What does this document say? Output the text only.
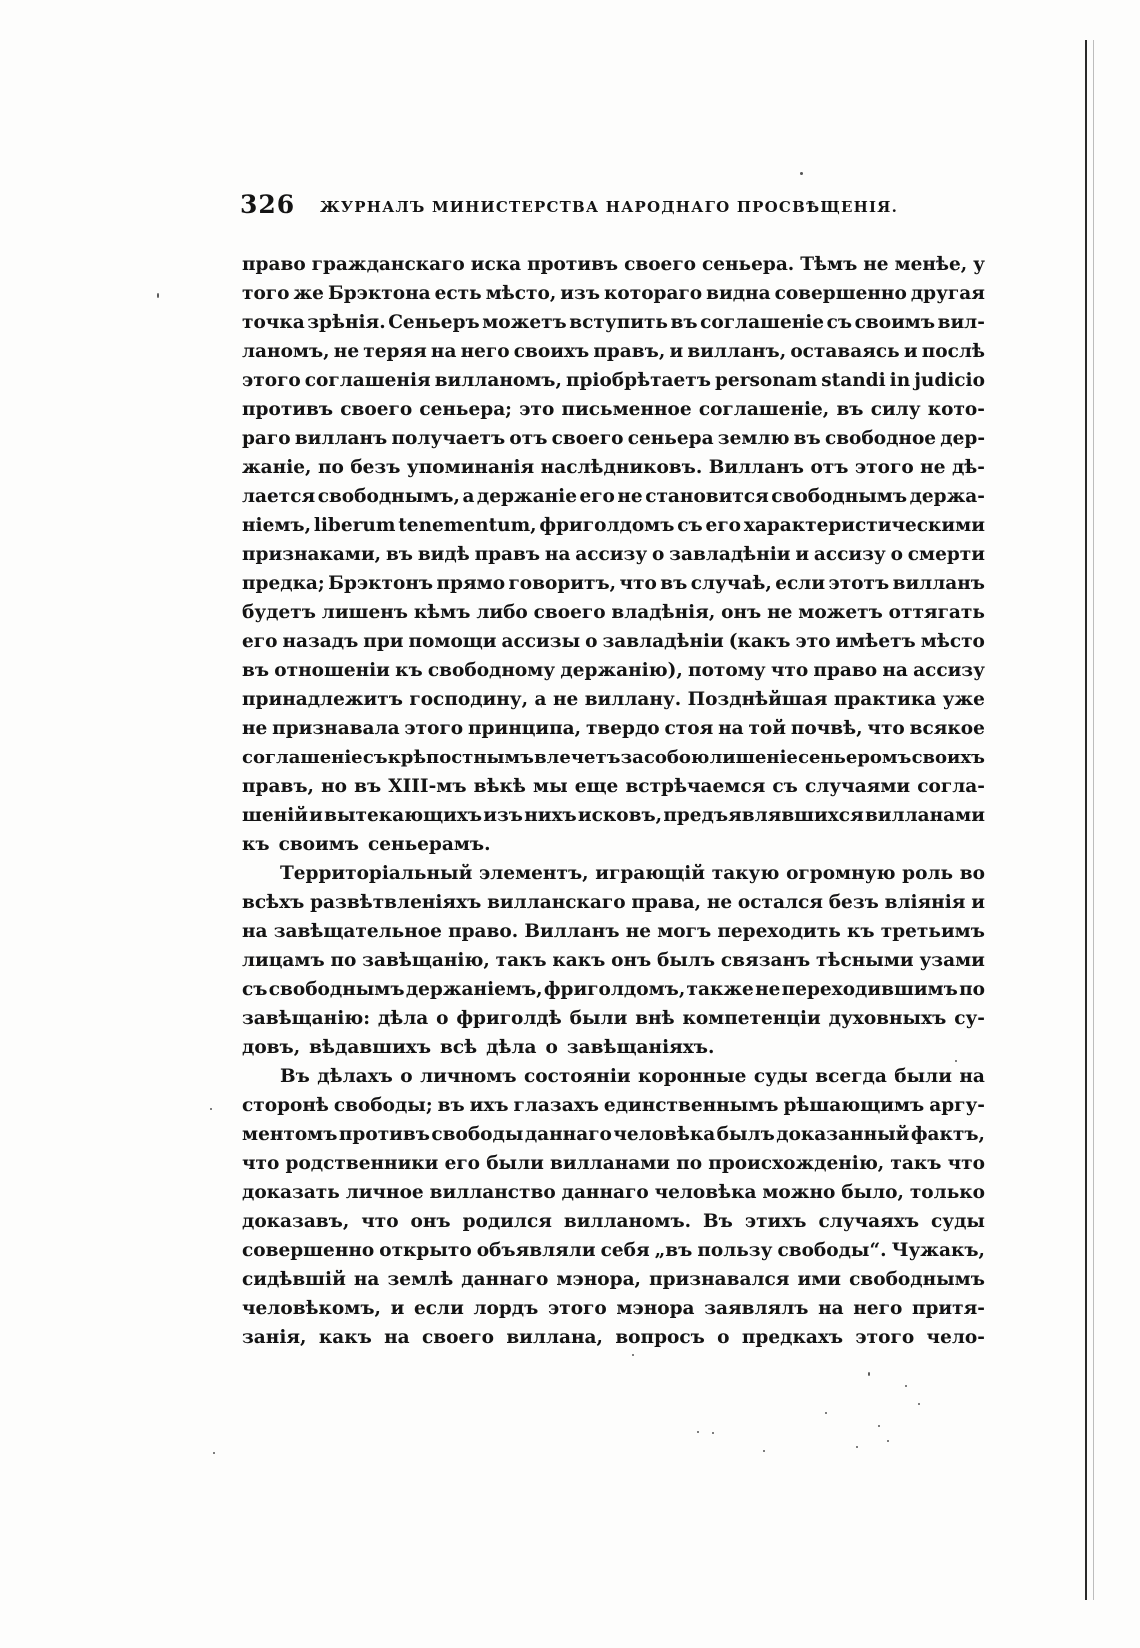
326 ЖУРНАЛЪ МИНИСТЕРСТВА НАРОДНАГО ПРОСВѢЩЕНІЯ.
право гражданскаго иска противъ своего сеньера. Тѣмъ не менѣе, у
того же Брэктона есть мѣсто, изъ котораго видна совершенно другая
точка зрѣнія. Сеньеръ можетъ вступить въ соглашеніе съ своимъ вил-
ланомъ, не теряя на него своихъ правъ, и вилланъ, оставаясь и послѣ
этого соглашенія вилланомъ, пріобрѣтаетъ personam standi in judicio
противъ своего сеньера; это письменное соглашеніе, въ силу кото-
раго вилланъ получаетъ отъ своего сеньера землю въ свободное дер-
жаніе, по безъ упоминанія наслѣдниковъ. Вилланъ отъ этого не дѣ-
лается свободнымъ, а держаніе его не становится свободнымъ держа-
ніемъ, liberum tenementum, фриголдомъ съ его характеристическими
признаками, въ видѣ правъ на ассизу о завладѣніи и ассизу о смерти
предка; Брэктонъ прямо говоритъ, что въ случаѣ, если этотъ вилланъ
будетъ лишенъ кѣмъ либо своего владѣнія, онъ не можетъ оттягать
его назадъ при помощи ассизы о завладѣніи (какъ это имѣетъ мѣсто
въ отношеніи къ свободному держанію), потому что право на ассизу
принадлежитъ господину, а не виллану. Позднѣйшая практика уже
не признавала этого принципа, твердо стоя на той почвѣ, что всякое
соглашеніе съ крѣпостнымъ влечетъ за собою лишеніе сеньеромъ своихъ
правъ, но въ XIII-мъ вѣкѣ мы еще встрѣчаемся съ случаями согла-
шеній и вытекающихъ изъ нихъ исковъ, предъявлявшихся вилланами
къ своимъ сеньерамъ.
Территоріальный элементъ, играющій такую огромную роль во
всѣхъ развѣтвленіяхъ вилланскаго права, не остался безъ вліянія и
на завѣщательное право. Вилланъ не могъ переходить къ третьимъ
лицамъ по завѣщанію, такъ какъ онъ былъ связанъ тѣсными узами
съ свободнымъ держаніемъ, фриголдомъ, также не переходившимъ по
завѣщанію: дѣла о фригoлдѣ были внѣ компетенціи духовныхъ су-
довъ, вѣдавшихъ всѣ дѣла о завѣщаніяхъ.
Въ дѣлахъ о личномъ состояніи коронные суды всегда были на
сторонѣ свободы; въ ихъ глазахъ единственнымъ рѣшающимъ аргу-
ментомъ противъ свободы даннаго человѣка былъ доказанный фактъ,
что родственники его были вилланами по происхожденію, такъ что
доказать личное вилланство даннаго человѣка можно было, только
доказавъ, что онъ родился вилланомъ. Въ этихъ случаяхъ суды
совершенно открыто объявляли себя „въ пользу свободы“. Чужакъ,
сидѣвшій на землѣ даннаго мэнора, признавался ими свободнымъ
человѣкомъ, и если лордъ этого мэнора заявлялъ на него притя-
занія, какъ на своего виллана, вопросъ о предкахъ этого чело-
